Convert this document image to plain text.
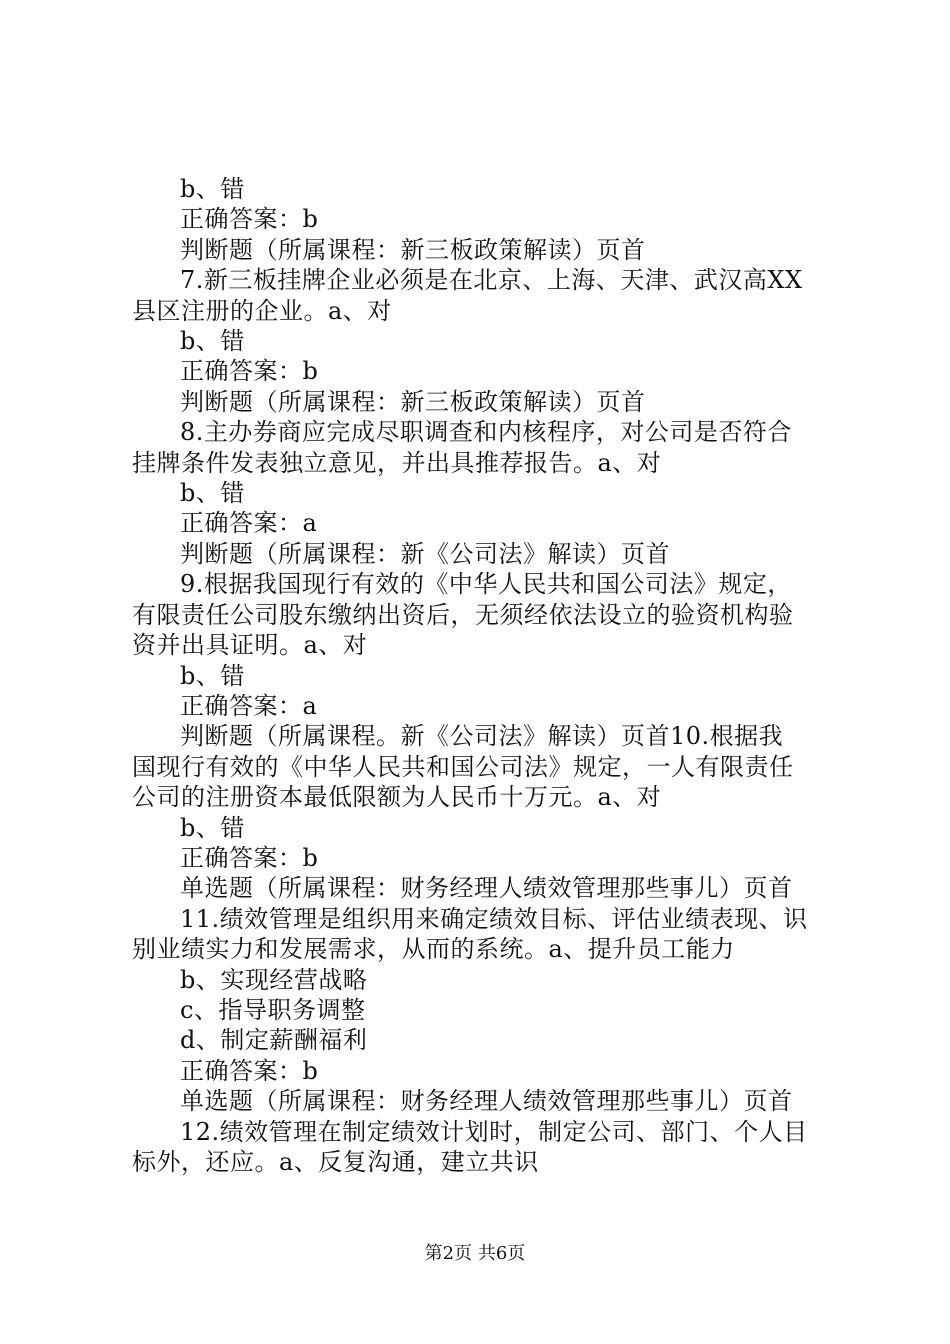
b、错
正确答案：b
判断题（所属课程：新三板政策解读）页首
7.新三板挂牌企业必须是在北京、上海、天津、武汉高XX
县区注册的企业。a、对
b、错
正确答案：b
判断题（所属课程：新三板政策解读）页首
8.主办券商应完成尽职调查和内核程序，对公司是否符合
挂牌条件发表独立意见，并出具推荐报告。a、对
b、错
正确答案：a
判断题（所属课程：新《公司法》解读）页首
9.根据我国现行有效的《中华人民共和国公司法》规定，
有限责任公司股东缴纳出资后，无须经依法设立的验资机构验
资并出具证明。a、对
b、错
正确答案：a
判断题（所属课程。新《公司法》解读）页首10.根据我
国现行有效的《中华人民共和国公司法》规定，一人有限责任
公司的注册资本最低限额为人民币十万元。a、对
b、错
正确答案：b
单选题（所属课程：财务经理人绩效管理那些事儿）页首
11.绩效管理是组织用来确定绩效目标、评估业绩表现、识
别业绩实力和发展需求，从而的系统。a、提升员工能力
b、实现经营战略
c、指导职务调整
d、制定薪酬福利
正确答案：b
单选题（所属课程：财务经理人绩效管理那些事儿）页首
12.绩效管理在制定绩效计划时，制定公司、部门、个人目
标外，还应。a、反复沟通，建立共识
第2页 共6页
